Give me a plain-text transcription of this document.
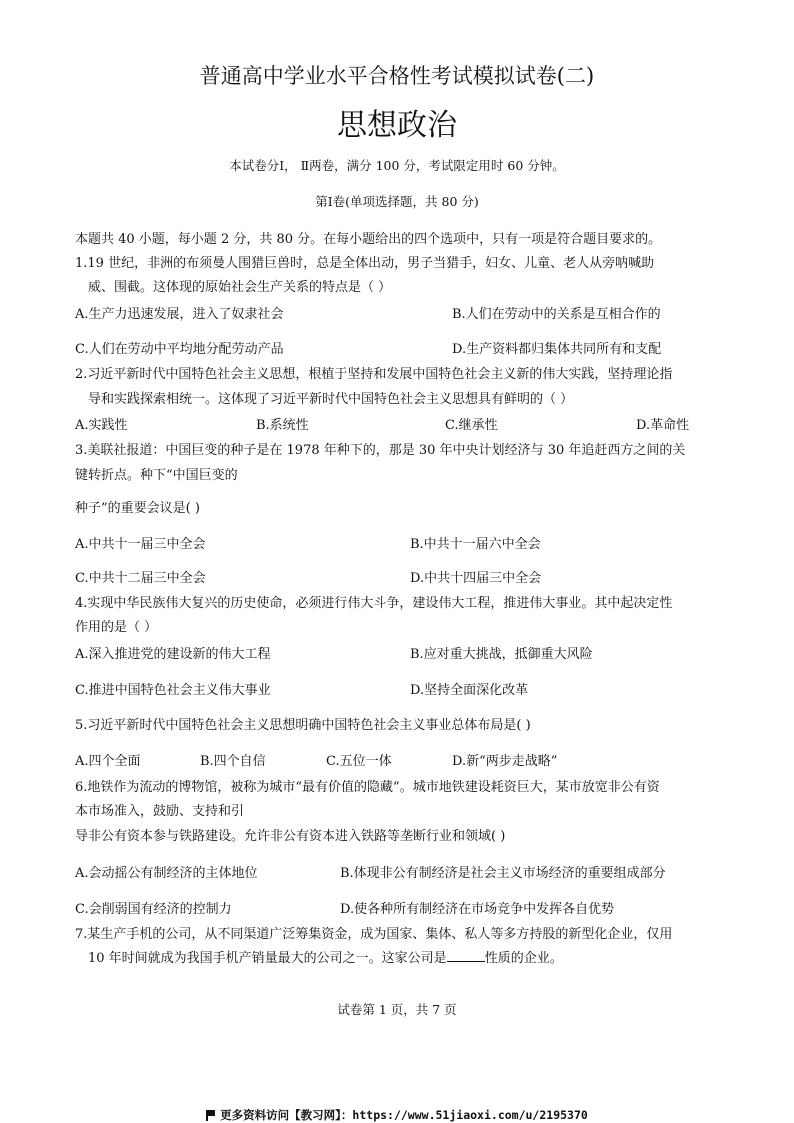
普通高中学业水平合格性考试模拟试卷(二)
思想政治
本试卷分Ⅰ， Ⅱ两卷，满分 100 分，考试限定用时 60 分钟。
第Ⅰ卷(单项选择题，共 80 分)
本题共 40 小题，每小题 2 分，共 80 分。在每小题给出的四个选项中，只有一项是符合题目要求的。
1.19 世纪，非洲的布须曼人围猎巨兽时，总是全体出动，男子当猎手，妇女、儿童、老人从旁呐喊助
威、围截。这体现的原始社会生产关系的特点是（ ）
A.生产力迅速发展，进入了奴隶社会	B.人们在劳动中的关系是互相合作的
C.人们在劳动中平均地分配劳动产品	D.生产资料都归集体共同所有和支配
2.习近平新时代中国特色社会主义思想，根植于坚持和发展中国特色社会主义新的伟大实践，坚持理论指
导和实践探索相统一。这体现了习近平新时代中国特色社会主义思想具有鲜明的（ ）
A.实践性	B.系统性	C.继承性	D.革命性
3.美联社报道：中国巨变的种子是在 1978 年种下的，那是 30 年中央计划经济与 30 年追赶西方之间的关
键转折点。种下“中国巨变的
种子”的重要会议是( )
A.中共十一届三中全会	B.中共十一届六中全会
C.中共十二届三中全会	D.中共十四届三中全会
4.实现中华民族伟大复兴的历史使命，必须进行伟大斗争，建设伟大工程，推进伟大事业。其中起决定性
作用的是（ ）
A.深入推进党的建设新的伟大工程	B.应对重大挑战，抵御重大风险
C.推进中国特色社会主义伟大事业	D.坚持全面深化改革
5.习近平新时代中国特色社会主义思想明确中国特色社会主义事业总体布局是( )
A.四个全面	B.四个自信	C.五位一体	D.新“两步走战略”
6.地铁作为流动的博物馆，被称为城市“最有价值的隐藏”。城市地铁建设耗资巨大，某市放宽非公有资
本市场准入，鼓励、支持和引
导非公有资本参与铁路建设。允许非公有资本进入铁路等垄断行业和领域( )
A.会动摇公有制经济的主体地位	B.体现非公有制经济是社会主义市场经济的重要组成部分
C.会削弱国有经济的控制力	D.使各种所有制经济在市场竞争中发挥各自优势
7.某生产手机的公司，从不同渠道广泛筹集资金，成为国家、集体、私人等多方持股的新型化企业，仅用
10 年时间就成为我国手机产销量最大的公司之一。这家公司是	性质的企业。
试卷第 1 页，共 7 页
更多资料访问【教习网】：https://www.51jiaoxi.com/u/2195370
